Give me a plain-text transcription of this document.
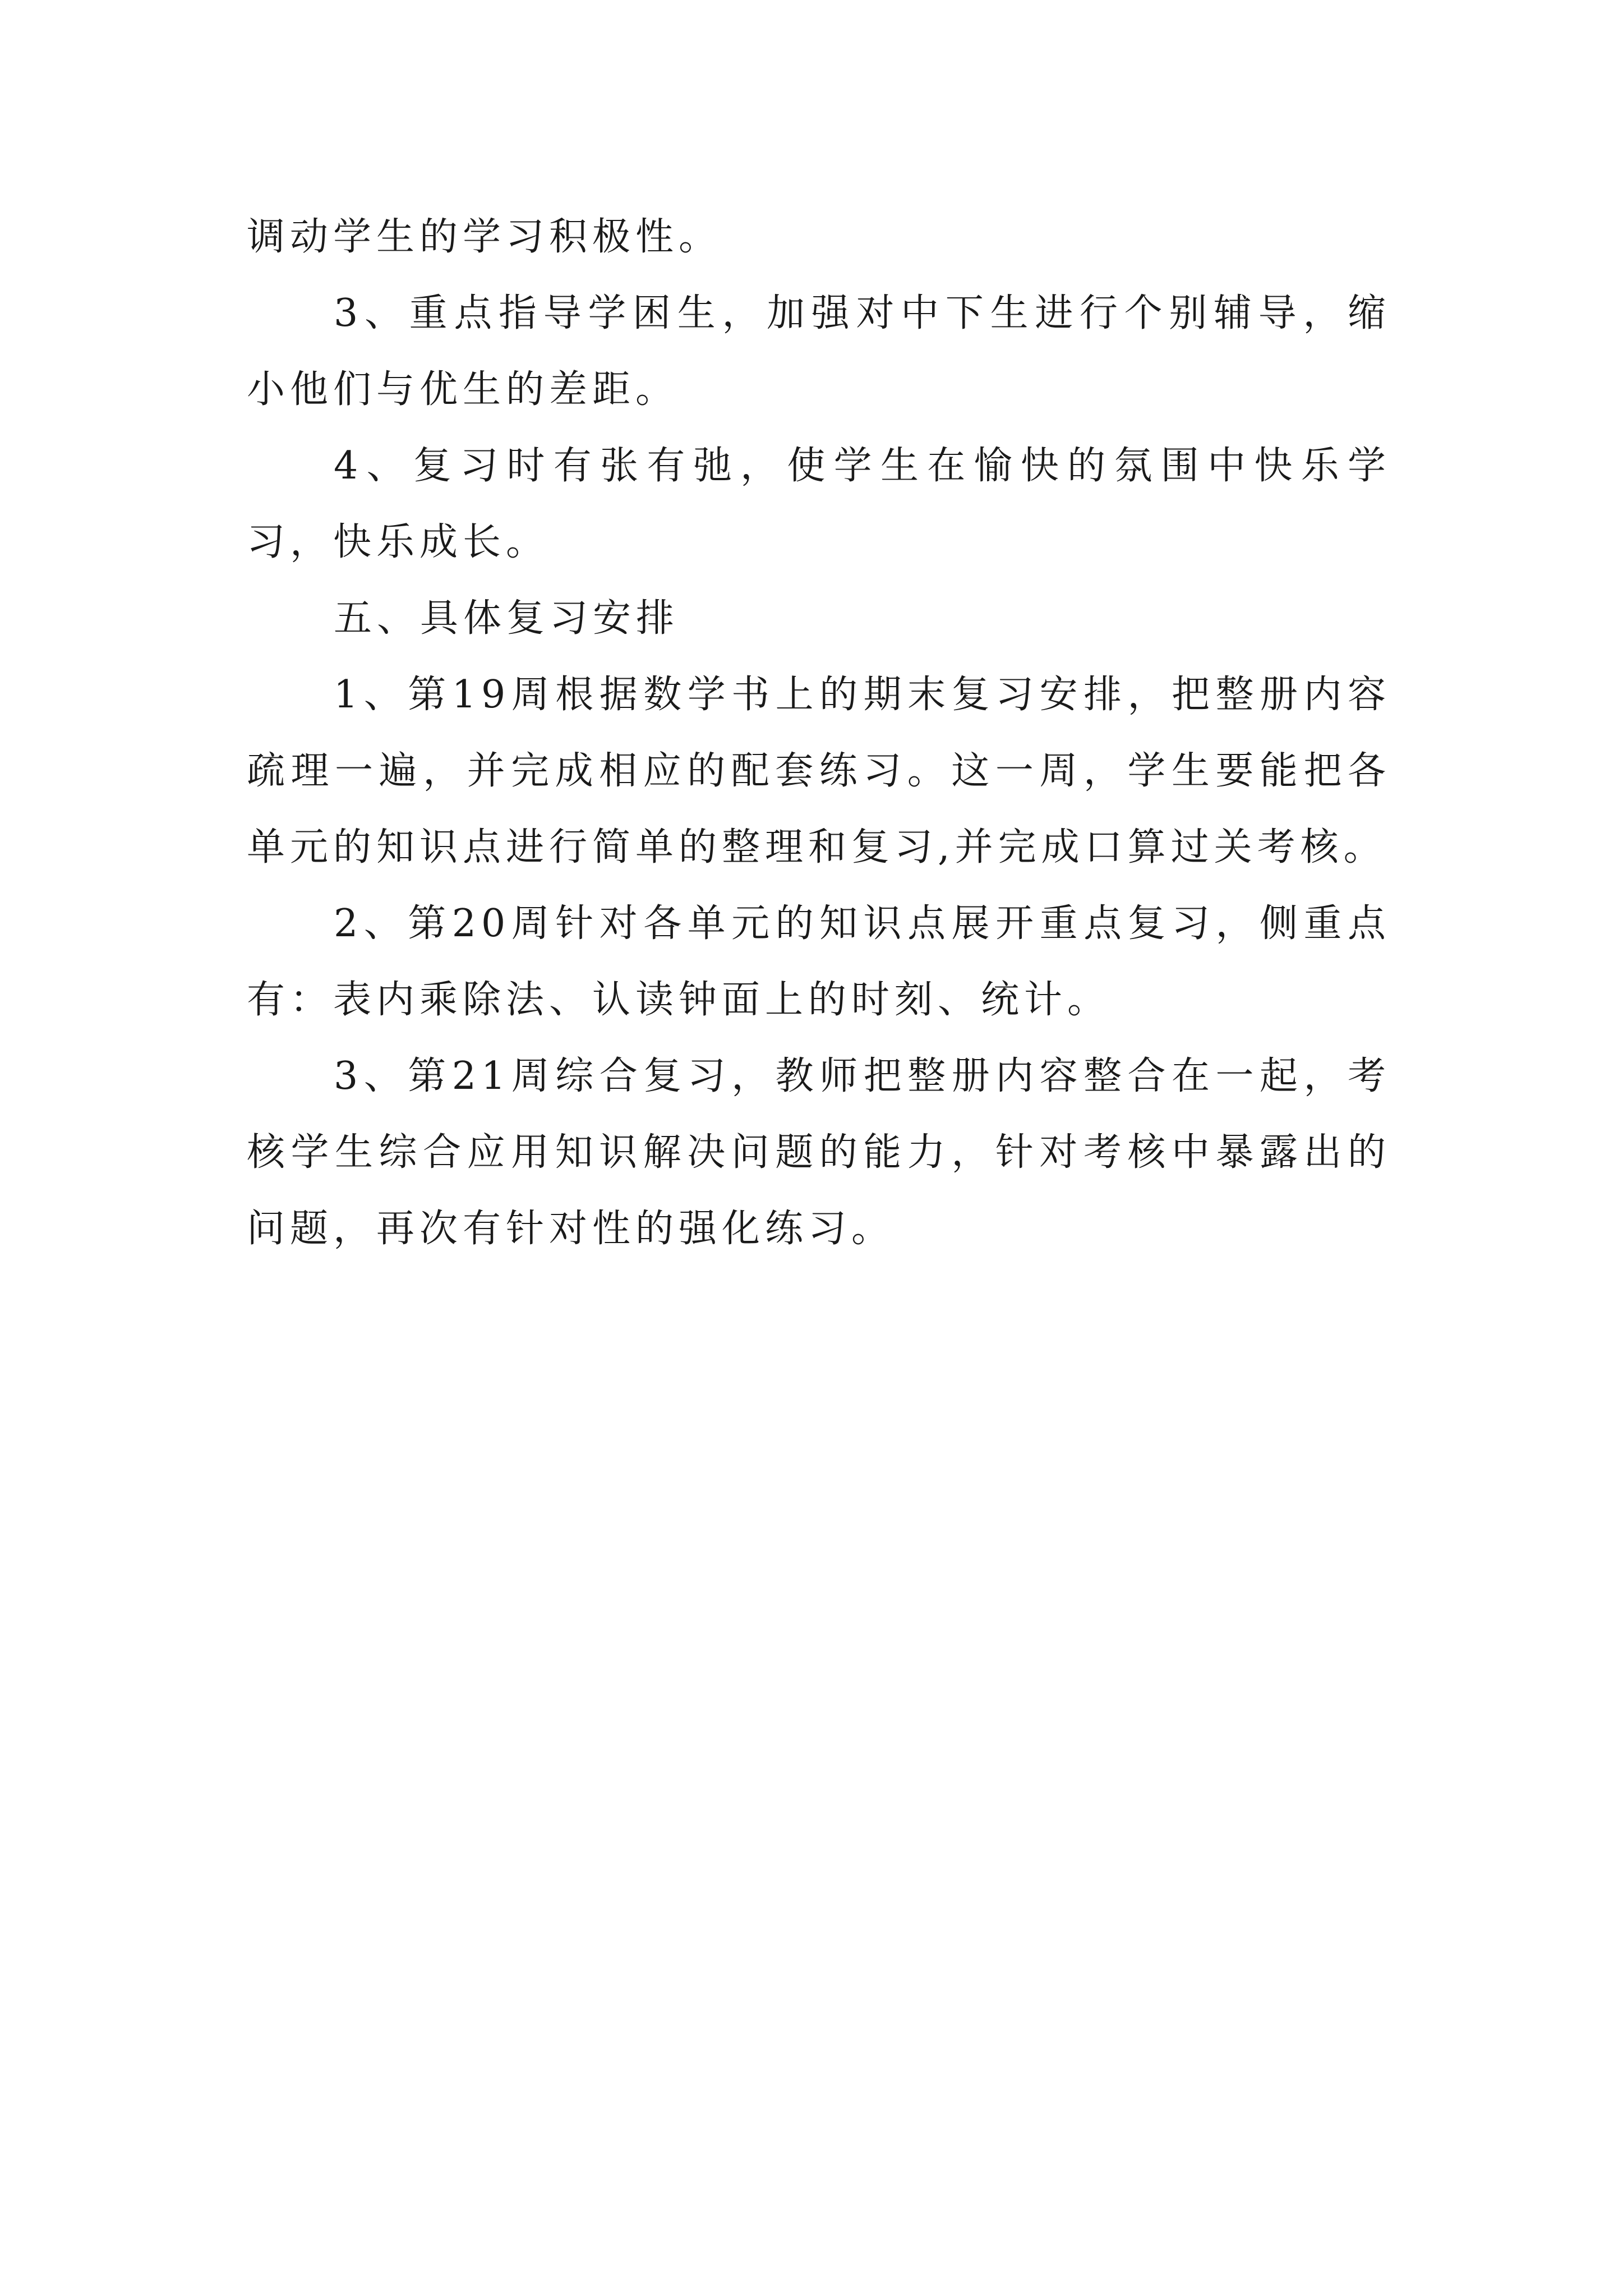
调动学生的学习积极性。

3、重点指导学困生，加强对中下生进行个别辅导，缩小他们与优生的差距。

4、复习时有张有弛，使学生在愉快的氛围中快乐学习，快乐成长。

五、具体复习安排

1、第19周根据数学书上的期末复习安排，把整册内容疏理一遍，并完成相应的配套练习。这一周，学生要能把各单元的知识点进行简单的整理和复习,并完成口算过关考核。

2、第20周针对各单元的知识点展开重点复习，侧重点有：表内乘除法、认读钟面上的时刻、统计。

3、第21周综合复习，教师把整册内容整合在一起，考核学生综合应用知识解决问题的能力，针对考核中暴露出的问题，再次有针对性的强化练习。
